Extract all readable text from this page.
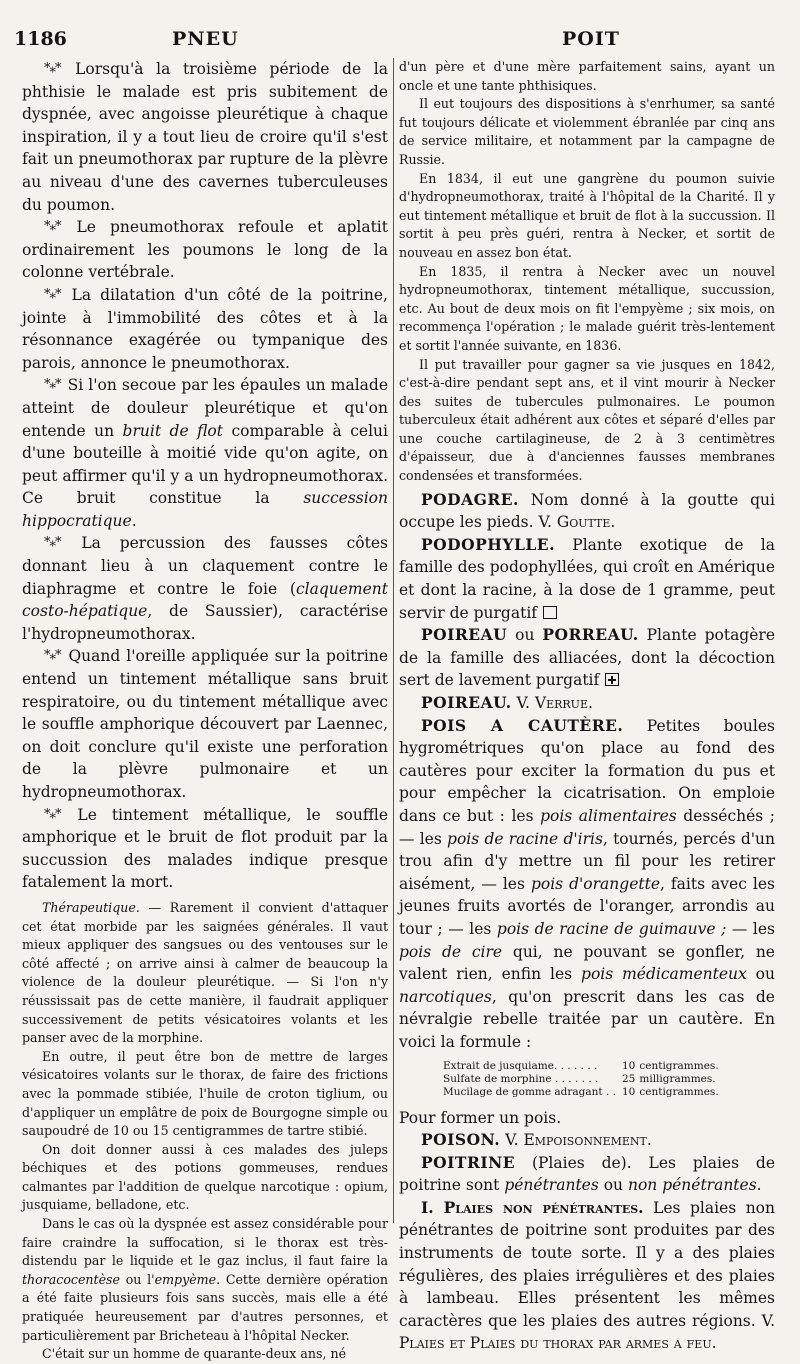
1186	PNEU	POIT

*⁎* Lorsqu'à la troisième période de la phthisie le malade est pris subitement de dyspnée, avec angoisse pleurétique à chaque inspiration, il y a tout lieu de croire qu'il s'est fait un pneumothorax par rupture de la plèvre au niveau d'une des cavernes tuberculeuses du poumon.

*⁎* Le pneumothorax refoule et aplatit ordinairement les poumons le long de la colonne vertébrale.

*⁎* La dilatation d'un côté de la poitrine, jointe à l'immobilité des côtes et à la résonnance exagérée ou tympanique des parois, annonce le pneumothorax.

*⁎* Si l'on secoue par les épaules un malade atteint de douleur pleurétique et qu'on entende un bruit de flot comparable à celui d'une bouteille à moitié vide qu'on agite, on peut affirmer qu'il y a un hydropneumothorax. Ce bruit constitue la succession hippocratique.

*⁎* La percussion des fausses côtes donnant lieu à un claquement contre le diaphragme et contre le foie (claquement costo-hépatique, de Saussier), caractérise l'hydropneumothorax.

*⁎* Quand l'oreille appliquée sur la poitrine entend un tintement métallique sans bruit respiratoire, ou du tintement métallique avec le souffle amphorique découvert par Laennec, on doit conclure qu'il existe une perforation de la plèvre pulmonaire et un hydropneumothorax.

*⁎* Le tintement métallique, le souffle amphorique et le bruit de flot produit par la succussion des malades indique presque fatalement la mort.

Thérapeutique. — Rarement il convient d'attaquer cet état morbide par les saignées générales. Il vaut mieux appliquer des sangsues ou des ventouses sur le côté affecté ; on arrive ainsi à calmer de beaucoup la violence de la douleur pleurétique. — Si l'on n'y réussissait pas de cette manière, il faudrait appliquer successivement de petits vésicatoires volants et les panser avec de la morphine.

En outre, il peut être bon de mettre de larges vésicatoires volants sur le thorax, de faire des frictions avec la pommade stibiée, l'huile de croton tiglium, ou d'appliquer un emplâtre de poix de Bourgogne simple ou saupoudré de 10 ou 15 centigrammes de tartre stibié.

On doit donner aussi à ces malades des juleps béchiques et des potions gommeuses, rendues calmantes par l'addition de quelque narcotique : opium, jusquiame, belladone, etc.

Dans le cas où la dyspnée est assez considérable pour faire craindre la suffocation, si le thorax est très-distendu par le liquide et le gaz inclus, il faut faire la thoracocentèse ou l'empyème. Cette dernière opération a été faite plusieurs fois sans succès, mais elle a été pratiquée heureusement par d'autres personnes, et particulièrement par Bricheteau à l'hôpital Necker.

C'était sur un homme de quarante-deux ans, né

d'un père et d'une mère parfaitement sains, ayant un oncle et une tante phthisiques.

Il eut toujours des dispositions à s'enrhumer, sa santé fut toujours délicate et violemment ébranlée par cinq ans de service militaire, et notamment par la campagne de Russie.

En 1834, il eut une gangrène du poumon suivie d'hydropneumothorax, traité à l'hôpital de la Charité. Il y eut tintement métallique et bruit de flot à la succussion. Il sortit à peu près guéri, rentra à Necker, et sortit de nouveau en assez bon état.

En 1835, il rentra à Necker avec un nouvel hydropneumothorax, tintement métallique, succussion, etc. Au bout de deux mois on fit l'empyème ; six mois, on recommença l'opération ; le malade guérit très-lentement et sortit l'année suivante, en 1836.

Il put travailler pour gagner sa vie jusques en 1842, c'est-à-dire pendant sept ans, et il vint mourir à Necker des suites de tubercules pulmonaires. Le poumon tuberculeux était adhérent aux côtes et séparé d'elles par une couche cartilagineuse, de 2 à 3 centimètres d'épaisseur, due à d'anciennes fausses membranes condensées et transformées.

PODAGRE. Nom donné à la goutte qui occupe les pieds. V. Goutte.

PODOPHYLLE. Plante exotique de la famille des podophyllées, qui croît en Amérique et dont la racine, à la dose de 1 gramme, peut servir de purgatif

POIREAU ou PORREAU. Plante potagère de la famille des alliacées, dont la décoction sert de lavement purgatif

POIREAU. V. Verrue.

POIS A CAUTÈRE. Petites boules hygrométriques qu'on place au fond des cautères pour exciter la formation du pus et pour empêcher la cicatrisation. On emploie dans ce but : les pois alimentaires desséchés ; — les pois de racine d'iris, tournés, percés d'un trou afin d'y mettre un fil pour les retirer aisément, — les pois d'orangette, faits avec les jeunes fruits avortés de l'oranger, arrondis au tour ; — les pois de racine de guimauve ; — les pois de cire qui, ne pouvant se gonfler, ne valent rien, enfin les pois médicamenteux ou narcotiques, qu'on prescrit dans les cas de névralgie rebelle traitée par un cautère. En voici la formule :

Extrait de jusquiame. . . . . . .	10	centigrammes.
Sulfate de morphine . . . . . . .	25	milligrammes.
Mucilage de gomme adragant . .	10	centigrammes.

Pour former un pois.

POISON. V. Empoisonnement.

POITRINE (Plaies de). Les plaies de poitrine sont pénétrantes ou non pénétrantes.

I. Plaies non pénétrantes. Les plaies non pénétrantes de poitrine sont produites par des instruments de toute sorte. Il y a des plaies régulières, des plaies irrégulières et des plaies à lambeau. Elles présentent les mêmes caractères que les plaies des autres régions. V. Plaies et Plaies du thorax par armes a feu.
